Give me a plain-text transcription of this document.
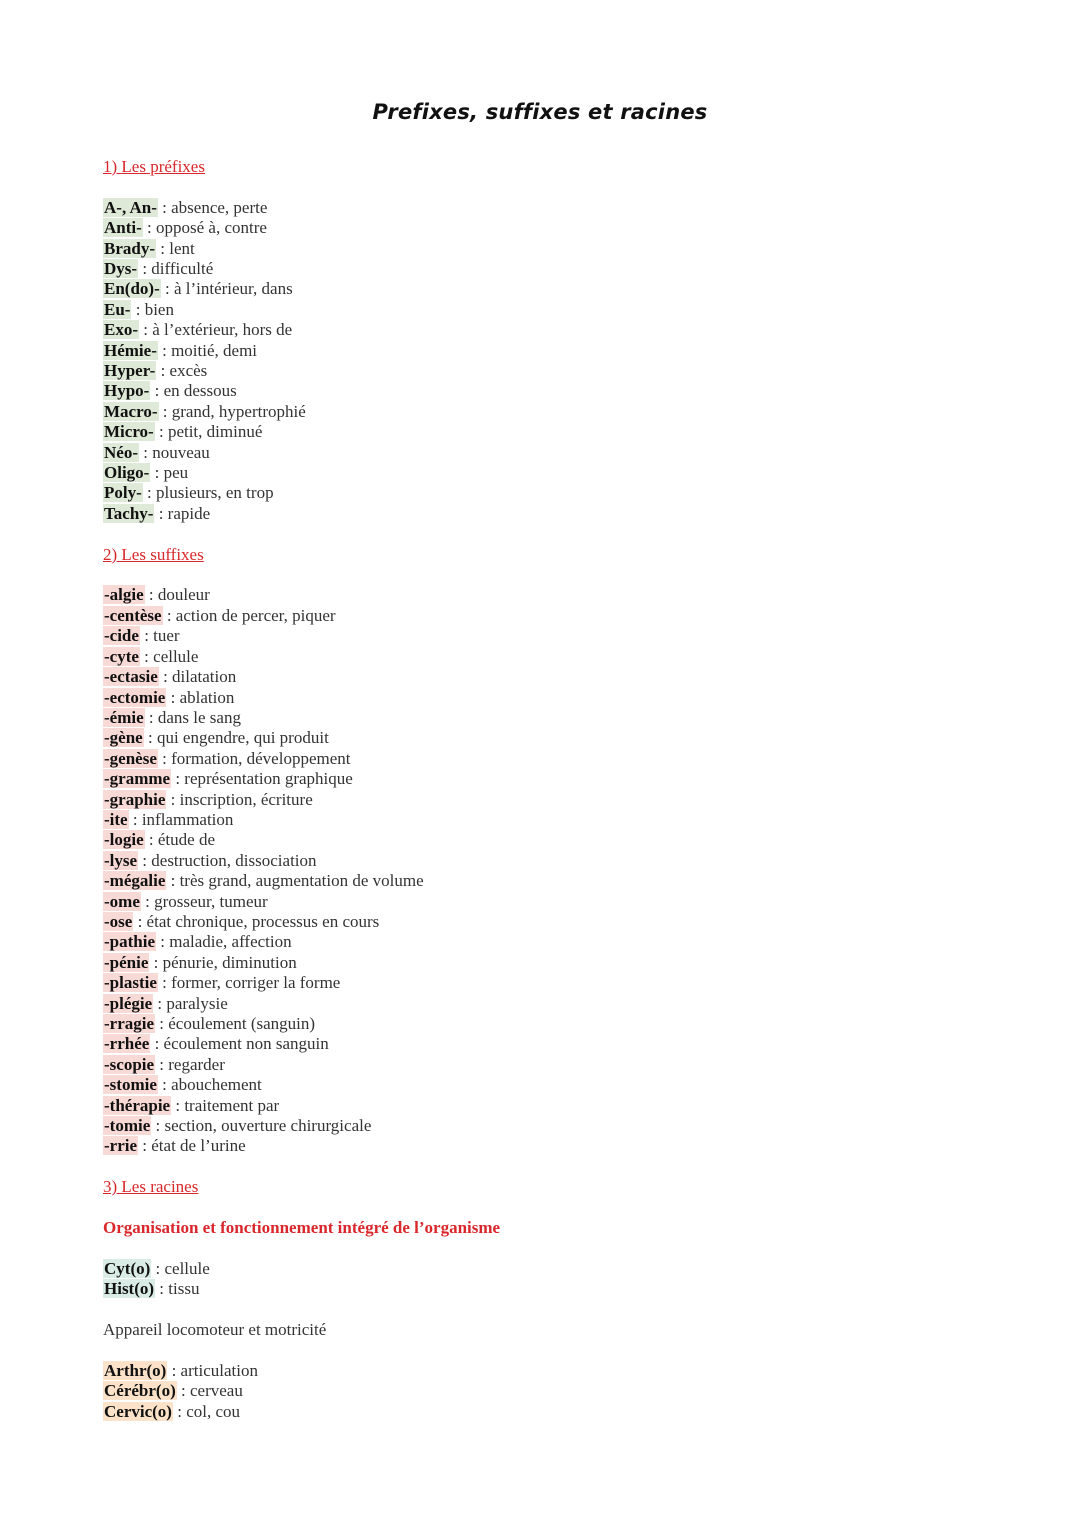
Prefixes, suffixes et racines

1) Les préfixes

A-, An- : absence, perte
Anti- : opposé à, contre
Brady- : lent
Dys- : difficulté
En(do)- : à l’intérieur, dans
Eu- : bien
Exo- : à l’extérieur, hors de
Hémie- : moitié, demi
Hyper- : excès
Hypo- : en dessous
Macro- : grand, hypertrophié
Micro- : petit, diminué
Néo- : nouveau
Oligo- : peu
Poly- : plusieurs, en trop
Tachy- : rapide

2) Les suffixes

-algie : douleur
-centèse : action de percer, piquer
-cide : tuer
-cyte : cellule
-ectasie : dilatation
-ectomie : ablation
-émie : dans le sang
-gène : qui engendre, qui produit
-genèse : formation, développement
-gramme : représentation graphique
-graphie : inscription, écriture
-ite : inflammation
-logie : étude de
-lyse : destruction, dissociation
-mégalie : très grand, augmentation de volume
-ome : grosseur, tumeur
-ose : état chronique, processus en cours
-pathie : maladie, affection
-pénie : pénurie, diminution
-plastie : former, corriger la forme
-plégie : paralysie
-rragie : écoulement (sanguin)
-rrhée : écoulement non sanguin
-scopie : regarder
-stomie : abouchement
-thérapie : traitement par
-tomie : section, ouverture chirurgicale
-rrie : état de l’urine

3) Les racines

Organisation et fonctionnement intégré de l’organisme

Cyt(o) : cellule
Hist(o) : tissu

Appareil locomoteur et motricité

Arthr(o) : articulation
Cérébr(o) : cerveau
Cervic(o) : col, cou
